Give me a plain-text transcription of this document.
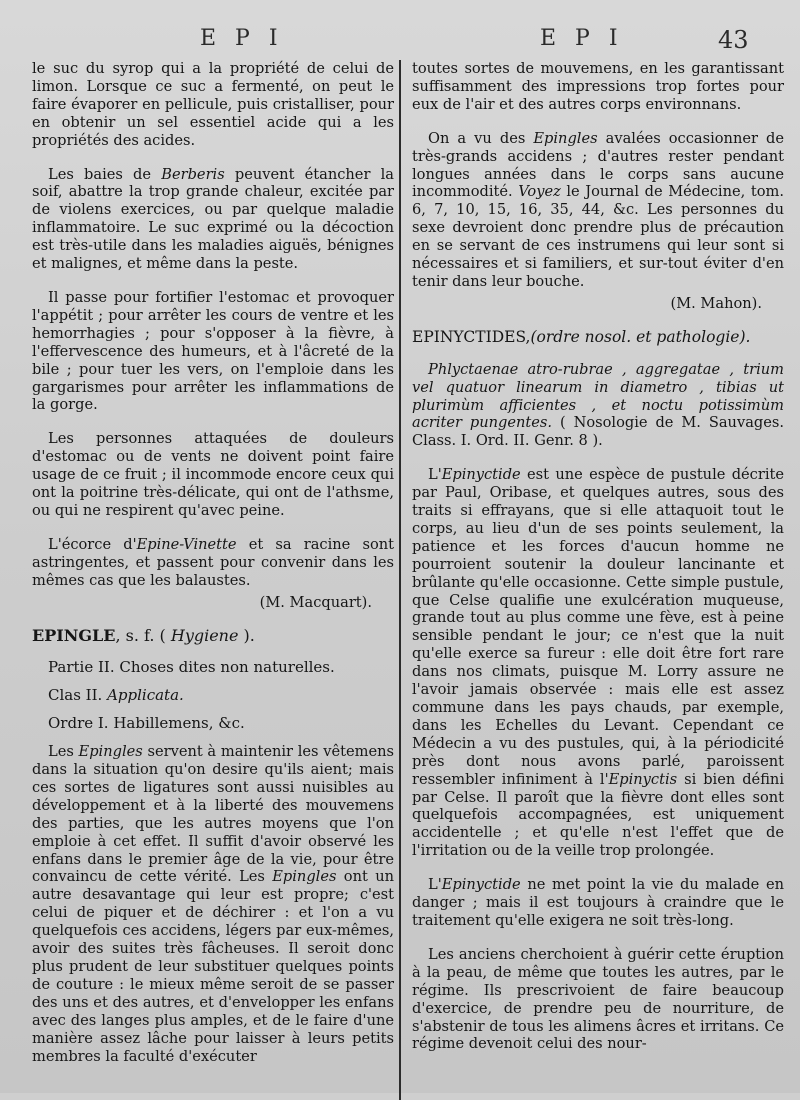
E P I	E P I	43

le suc du syrop qui a la propriété de celui de limon. Lorsque ce suc a fermenté, on peut le faire évaporer en pellicule, puis cristalliser, pour en obtenir un sel essentiel acide qui a les propriétés des acides.

Les baies de Berberis peuvent étancher la soif, abattre la trop grande chaleur, excitée par de violens exercices, ou par quelque maladie inflammatoire. Le suc exprimé ou la décoction est très-utile dans les maladies aiguës, bénignes et malignes, et même dans la peste.

Il passe pour fortifier l'estomac et provoquer l'appétit ; pour arrêter les cours de ventre et les hemorrhagies ; pour s'opposer à la fièvre, à l'effervescence des humeurs, et à l'âcreté de la bile ; pour tuer les vers, on l'emploie dans les gargarismes pour arrêter les inflammations de la gorge.

Les personnes attaquées de douleurs d'estomac ou de vents ne doivent point faire usage de ce fruit ; il incommode encore ceux qui ont la poitrine très-délicate, qui ont de l'athsme, ou qui ne respirent qu'avec peine.

L'écorce d'Epine-Vinette et sa racine sont astringentes, et passent pour convenir dans les mêmes cas que les balaustes.

(M. Macquart).

EPINGLE, s. f. ( Hygiene ).

Partie II. Choses dites non naturelles.

Clas II. Applicata.

Ordre I. Habillemens, &c.

Les Epingles servent à maintenir les vêtemens dans la situation qu'on desire qu'ils aient; mais ces sortes de ligatures sont aussi nuisibles au développement et à la liberté des mouvemens des parties, que les autres moyens que l'on emploie à cet effet. Il suffit d'avoir observé les enfans dans le premier âge de la vie, pour être convaincu de cette vérité. Les Epingles ont un autre desavantage qui leur est propre; c'est celui de piquer et de déchirer : et l'on a vu quelquefois ces accidens, légers par eux-mêmes, avoir des suites très fâcheuses. Il seroit donc plus prudent de leur substituer quelques points de couture : le mieux même seroit de se passer des uns et des autres, et d'envelopper les enfans avec des langes plus amples, et de le faire d'une manière assez lâche pour laisser à leurs petits membres la faculté d'exécuter

toutes sortes de mouvemens, en les garantissant suffisamment des impressions trop fortes pour eux de l'air et des autres corps environnans.

On a vu des Epingles avalées occasionner de très-grands accidens ; d'autres rester pendant longues années dans le corps sans aucune incommodité. Voyez le Journal de Médecine, tom. 6, 7, 10, 15, 16, 35, 44, &c. Les personnes du sexe devroient donc prendre plus de précaution en se servant de ces instrumens qui leur sont si nécessaires et si familiers, et sur-tout éviter d'en tenir dans leur bouche.

(M. Mahon).

EPINYCTIDES,(ordre nosol. et pathologie).

Phlyctaenae atro-rubrae , aggregatae , trium vel quatuor linearum in diametro , tibias ut plurimùm afficientes , et noctu potissimùm acriter pungentes. ( Nosologie de M. Sauvages. Class. I. Ord. II. Genr. 8 ).

L'Epinyctide est une espèce de pustule décrite par Paul, Oribase, et quelques autres, sous des traits si effrayans, que si elle attaquoit tout le corps, au lieu d'un de ses points seulement, la patience et les forces d'aucun homme ne pourroient soutenir la douleur lancinante et brûlante qu'elle occasionne. Cette simple pustule, que Celse qualifie une exulcération muqueuse, grande tout au plus comme une fève, est à peine sensible pendant le jour; ce n'est que la nuit qu'elle exerce sa fureur : elle doit être fort rare dans nos climats, puisque M. Lorry assure ne l'avoir jamais observée : mais elle est assez commune dans les pays chauds, par exemple, dans les Echelles du Levant. Cependant ce Médecin a vu des pustules, qui, à la périodicité près dont nous avons parlé, paroissent ressembler infiniment à l'Epinyctis si bien défini par Celse. Il paroît que la fièvre dont elles sont quelquefois accompagnées, est uniquement accidentelle ; et qu'elle n'est l'effet que de l'irritation ou de la veille trop prolongée.

L'Epinyctide ne met point la vie du malade en danger ; mais il est toujours à craindre que le traitement qu'elle exigera ne soit très-long.

Les anciens cherchoient à guérir cette éruption à la peau, de même que toutes les autres, par le régime. Ils prescrivoient de faire beaucoup d'exercice, de prendre peu de nourriture, de s'abstenir de tous les alimens âcres et irritans. Ce régime devenoit celui des nour-
